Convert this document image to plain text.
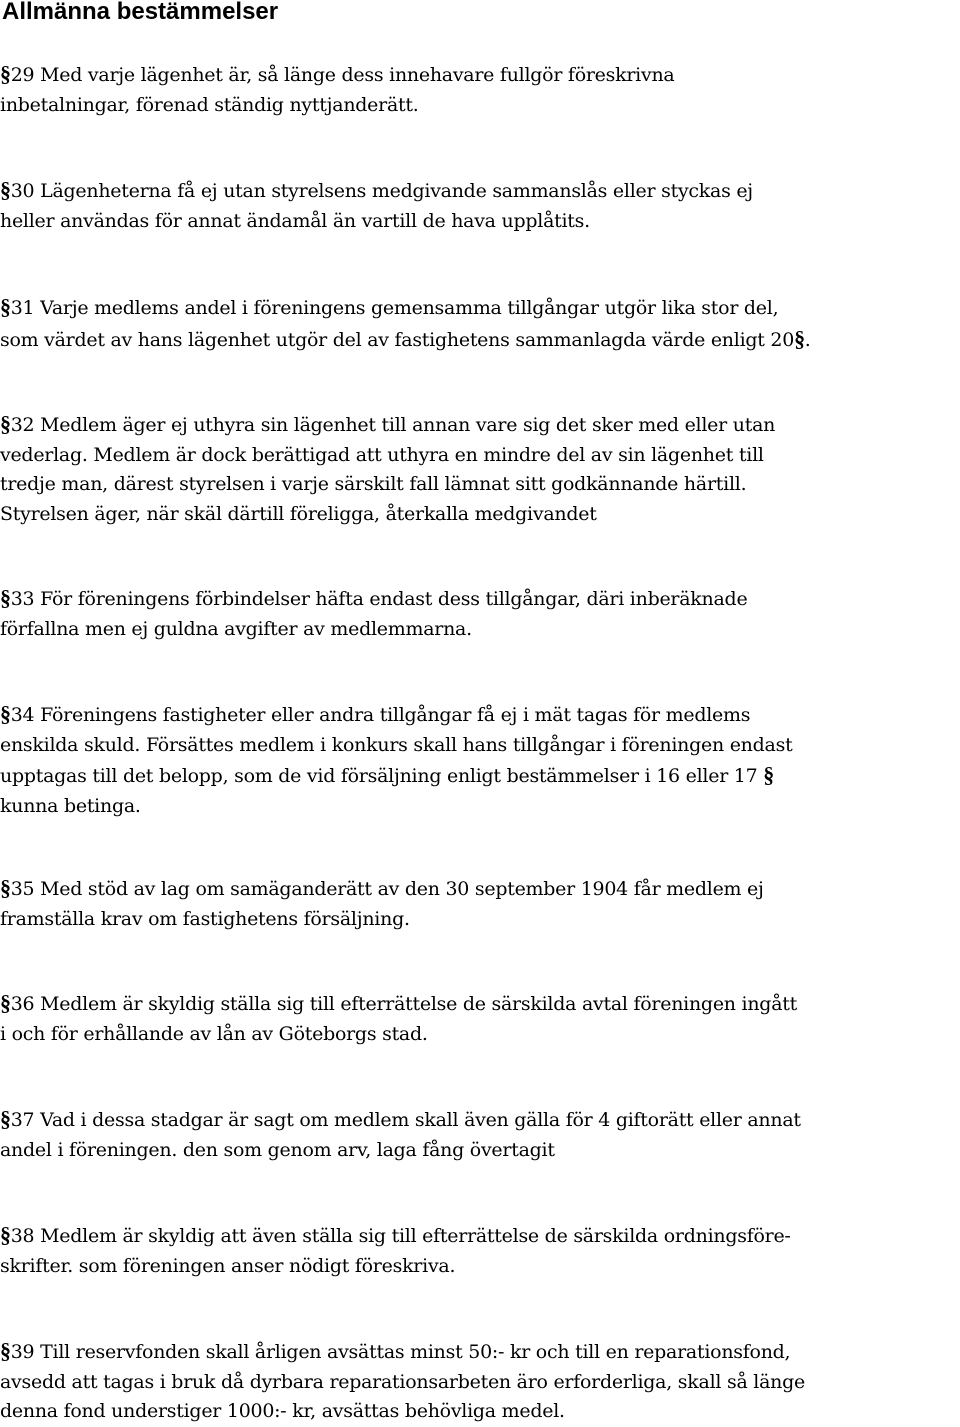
Allmänna bestämmelser

§29 Med varje lägenhet är, så länge dess innehavare fullgör föreskrivna
inbetalningar, förenad ständig nyttjanderätt.

§30 Lägenheterna få ej utan styrelsens medgivande sammanslås eller styckas ej
heller användas för annat ändamål än vartill de hava upplåtits.

§31 Varje medlems andel i föreningens gemensamma tillgångar utgör lika stor del,
som värdet av hans lägenhet utgör del av fastighetens sammanlagda värde enligt 20§.

§32 Medlem äger ej uthyra sin lägenhet till annan vare sig det sker med eller utan
vederlag. Medlem är dock berättigad att uthyra en mindre del av sin lägenhet till
tredje man, därest styrelsen i varje särskilt fall lämnat sitt godkännande härtill.
Styrelsen äger, när skäl därtill föreligga, återkalla medgivandet

§33 För föreningens förbindelser häfta endast dess tillgångar, däri inberäknade
förfallna men ej guldna avgifter av medlemmarna.

§34 Föreningens fastigheter eller andra tillgångar få ej i mät tagas för medlems
enskilda skuld. Försättes medlem i konkurs skall hans tillgångar i föreningen endast
upptagas till det belopp, som de vid försäljning enligt bestämmelser i 16 eller 17 §
kunna betinga.

§35 Med stöd av lag om samäganderätt av den 30 september 1904 får medlem ej
framställa krav om fastighetens försäljning.

§36 Medlem är skyldig ställa sig till efterrättelse de särskilda avtal föreningen ingått
i och för erhållande av lån av Göteborgs stad.

§37 Vad i dessa stadgar är sagt om medlem skall även gälla för 4 giftorätt eller annat
andel i föreningen. den som genom arv, laga fång övertagit

§38 Medlem är skyldig att även ställa sig till efterrättelse de särskilda ordningsföre-
skrifter. som föreningen anser nödigt föreskriva.

§39 Till reservfonden skall årligen avsättas minst 50:- kr och till en reparationsfond,
avsedd att tagas i bruk då dyrbara reparationsarbeten äro erforderliga, skall så länge
denna fond understiger 1000:- kr, avsättas behövliga medel.
